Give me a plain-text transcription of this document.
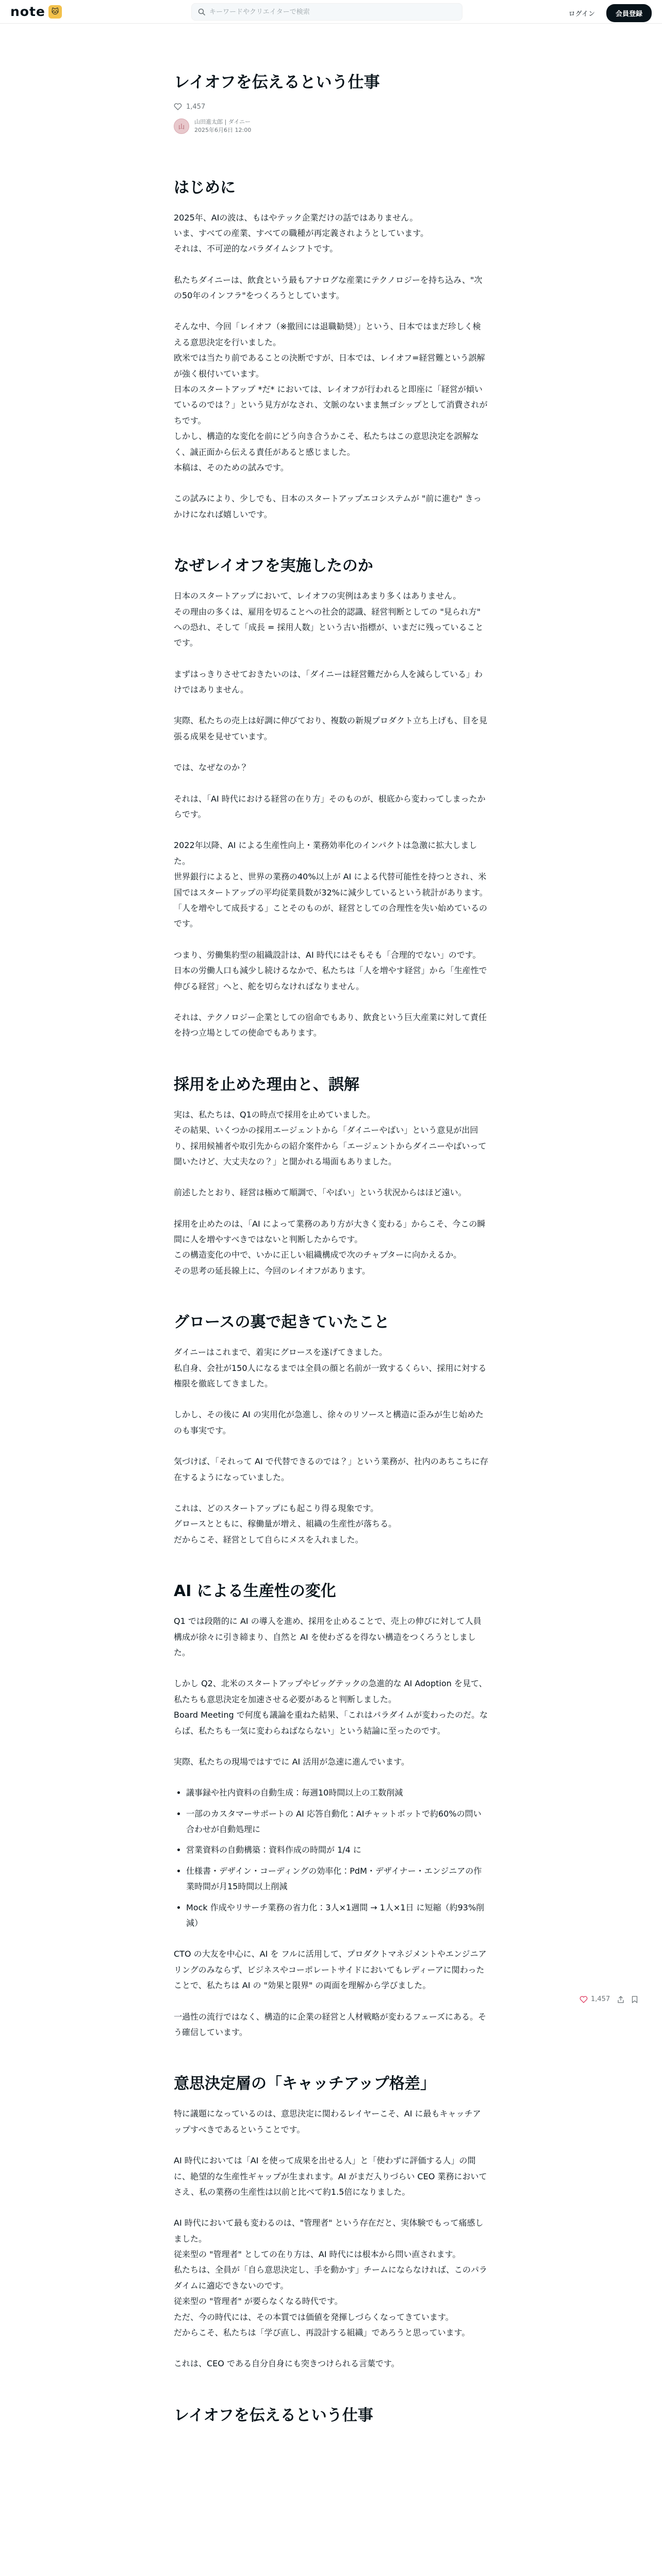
note 🐱
キーワードやクリエイターで検索	ログイン	会員登録
レイオフを伝えるという仕事
1,457
山
山田進太郎 | ダイニー
2025年6月6日 12:00
はじめに

2025年、AIの波は、もはやテック企業だけの話ではありません。
いま、すべての産業、すべての職種が再定義されようとしています。
それは、不可逆的なパラダイムシフトです。

私たちダイニーは、飲食という最もアナログな産業にテクノロジーを持ち込み、"次の50年のインフラ"をつくろうとしています。

そんな中、今回「レイオフ（※撤回には退職勧奨）」という、日本ではまだ珍しく検える意思決定を行いました。
欧米では当たり前であることの決断ですが、日本では、レイオフ=経営難という誤解が強く根付いています。
日本のスタートアップ *だ* においては、レイオフが行われると即座に「経営が傾いているのでは？」という見方がなされ、文脈のないまま無ゴシップとして消費されがちです。
しかし、構造的な変化を前にどう向き合うかこそ、私たちはこの意思決定を誤解なく、誠正面から伝える責任があると感じました。
本稿は、そのための試みです。

この試みにより、少しでも、日本のスタートアップエコシステムが "前に進む" きっかけになれば嬉しいです。

なぜレイオフを実施したのか

日本のスタートアップにおいて、レイオフの実例はあまり多くはありません。
その理由の多くは、雇用を切ることへの社会的認識、経営判断としての "見られ方" への恐れ、そして「成長 = 採用人数」という古い指標が、いまだに残っていることです。

まずはっきりさせておきたいのは、「ダイニーは経営難だから人を減らしている」わけではありません。

実際、私たちの売上は好調に伸びており、複数の新規プロダクト立ち上げも、目を見張る成果を見せています。

では、なぜなのか？

それは、「AI 時代における経営の在り方」そのものが、根底から変わってしまったからです。

2022年以降、AI による生産性向上・業務効率化のインパクトは急激に拡大しました。
世界銀行によると、世界の業務の40%以上が AI による代替可能性を持つとされ、米国ではスタートアップの平均従業員数が32%に減少しているという統計があります。
「人を増やして成長する」ことそのものが、経営としての合理性を失い始めているのです。

つまり、労働集約型の組織設計は、AI 時代にはそもそも「合理的でない」のです。
日本の労働人口も減少し続けるなかで、私たちは「人を増やす経営」から「生産性で伸びる経営」へと、舵を切らなければなりません。

それは、テクノロジー企業としての宿命でもあり、飲食という巨大産業に対して責任を持つ立場としての使命でもあります。

採用を止めた理由と、誤解

実は、私たちは、Q1の時点で採用を止めていました。
その結果、いくつかの採用エージェントから「ダイニーやばい」という意見が出回り、採用候補者や取引先からの紹介案件から「エージェントからダイニーやばいって聞いたけど、大丈夫なの？」と聞かれる場面もありました。

前述したとおり、経営は極めて順調で、「やばい」という状況からはほど遠い。

採用を止めたのは、「AI によって業務のあり方が大きく変わる」からこそ、今この瞬間に人を増やすべきではないと判断したからです。
この構造変化の中で、いかに正しい組織構成で次のチャプターに向かえるか。
その思考の延長線上に、今回のレイオフがあります。

グロースの裏で起きていたこと

ダイニーはこれまで、着実にグロースを遂げてきました。
私自身、会社が150人になるまでは全員の顔と名前が一致するくらい、採用に対する権限を徹底してきました。

しかし、その後に AI の実用化が急進し、徐々のリソースと構造に歪みが生じ始めたのも事実です。

気づけば、「それって AI で代替できるのでは？」という業務が、社内のあちこちに存在するようになっていました。

これは、どのスタートアップにも起こり得る現象です。
グロースとともに、稼働量が増え、組織の生産性が落ちる。
だからこそ、経営として自らにメスを入れました。

AI による生産性の変化

Q1 では段階的に AI の導入を進め、採用を止めることで、売上の伸びに対して人員構成が徐々に引き締まり、自然と AI を使わざるを得ない構造をつくろうとしました。

しかし Q2、北米のスタートアップやビッグテックの急進的な AI Adoption を見て、私たちも意思決定を加速させる必要があると判断しました。
Board Meeting で何度も議論を重ねた結果、「これはパラダイムが変わったのだ。ならば、私たちも一気に変わらねばならない」という結論に至ったのです。

実際、私たちの現場ではすでに AI 活用が急速に進んでいます。

• 議事録や社内資料の自動生成：毎週10時間以上の工数削減
• 一部のカスタマーサポートの AI 応答自動化：AIチャットボットで約60%の問い合わせが自動処理に
• 営業資料の自動構築：資料作成の時間が 1/4 に
• 仕様書・デザイン・コーディングの効率化：PdM・デザイナー・エンジニアの作業時間が月15時間以上削減
• Mock 作成やリサーチ業務の省力化：3人×1週間 → 1人×1日 に短縮（約93%削減）

CTO の大友を中心に、AI を フルに活用して、プロダクトマネジメントやエンジニアリングのみならず、ビジネスやコーポレートサイドにおいてもレディーアに関わったことで、私たちは AI の "効果と限界" の両面を理解から学びました。

一過性の流行ではなく、構造的に企業の経営と人材戦略が変わるフェーズにある。そう確信しています。

意思決定層の「キャッチアップ格差」

特に議題になっているのは、意思決定に関わるレイヤーこそ、AI に最もキャッチアップすべきであるということです。

AI 時代においては「AI を使って成果を出せる人」と「使わずに評価する人」の間に、絶望的な生産性ギャップが生まれます。AI がまだ入りづらい CEO 業務においてさえ、私の業務の生産性は以前と比べて約1.5倍になりました。

AI 時代において最も変わるのは、"管理者" という存在だと、実体験でもって痛感しました。
従来型の "管理者" としての在り方は、AI 時代には根本から問い直されます。
私たちは、全員が「自ら意思決定し、手を動かす」チームにならなければ、このパラダイムに適応できないのです。
従来型の "管理者" が要らなくなる時代です。
ただ、今の時代には、その本質では価値を発揮しづらくなってきています。
だからこそ、私たちは「学び直し、再設計する組織」であろうと思っています。

これは、CEO である自分自身にも突きつけられる言葉です。

レイオフを伝えるという仕事
1,457
